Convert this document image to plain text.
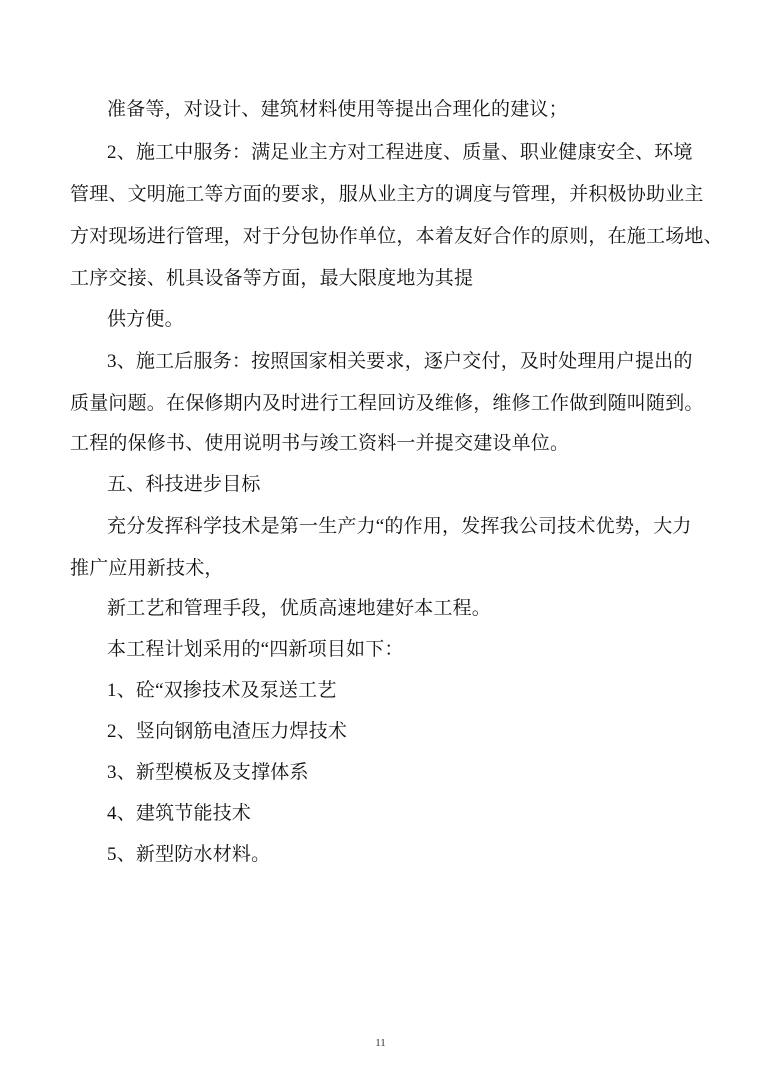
准备等，对设计、建筑材料使用等提出合理化的建议；
2、施工中服务：满足业主方对工程进度、质量、职业健康安全、环境
管理、文明施工等方面的要求，服从业主方的调度与管理，并积极协助业主
方对现场进行管理，对于分包协作单位，本着友好合作的原则，在施工场地、
工序交接、机具设备等方面，最大限度地为其提
供方便。
3、施工后服务：按照国家相关要求，逐户交付，及时处理用户提出的
质量问题。在保修期内及时进行工程回访及维修，维修工作做到随叫随到。
工程的保修书、使用说明书与竣工资料一并提交建设单位。
五、科技进步目标
充分发挥科学技术是第一生产力“的作用，发挥我公司技术优势，大力
推广应用新技术，
新工艺和管理手段，优质高速地建好本工程。
本工程计划采用的“四新项目如下：
1、砼“双掺技术及泵送工艺
2、竖向钢筋电渣压力焊技术
3、新型模板及支撑体系
4、建筑节能技术
5、新型防水材料。
11
